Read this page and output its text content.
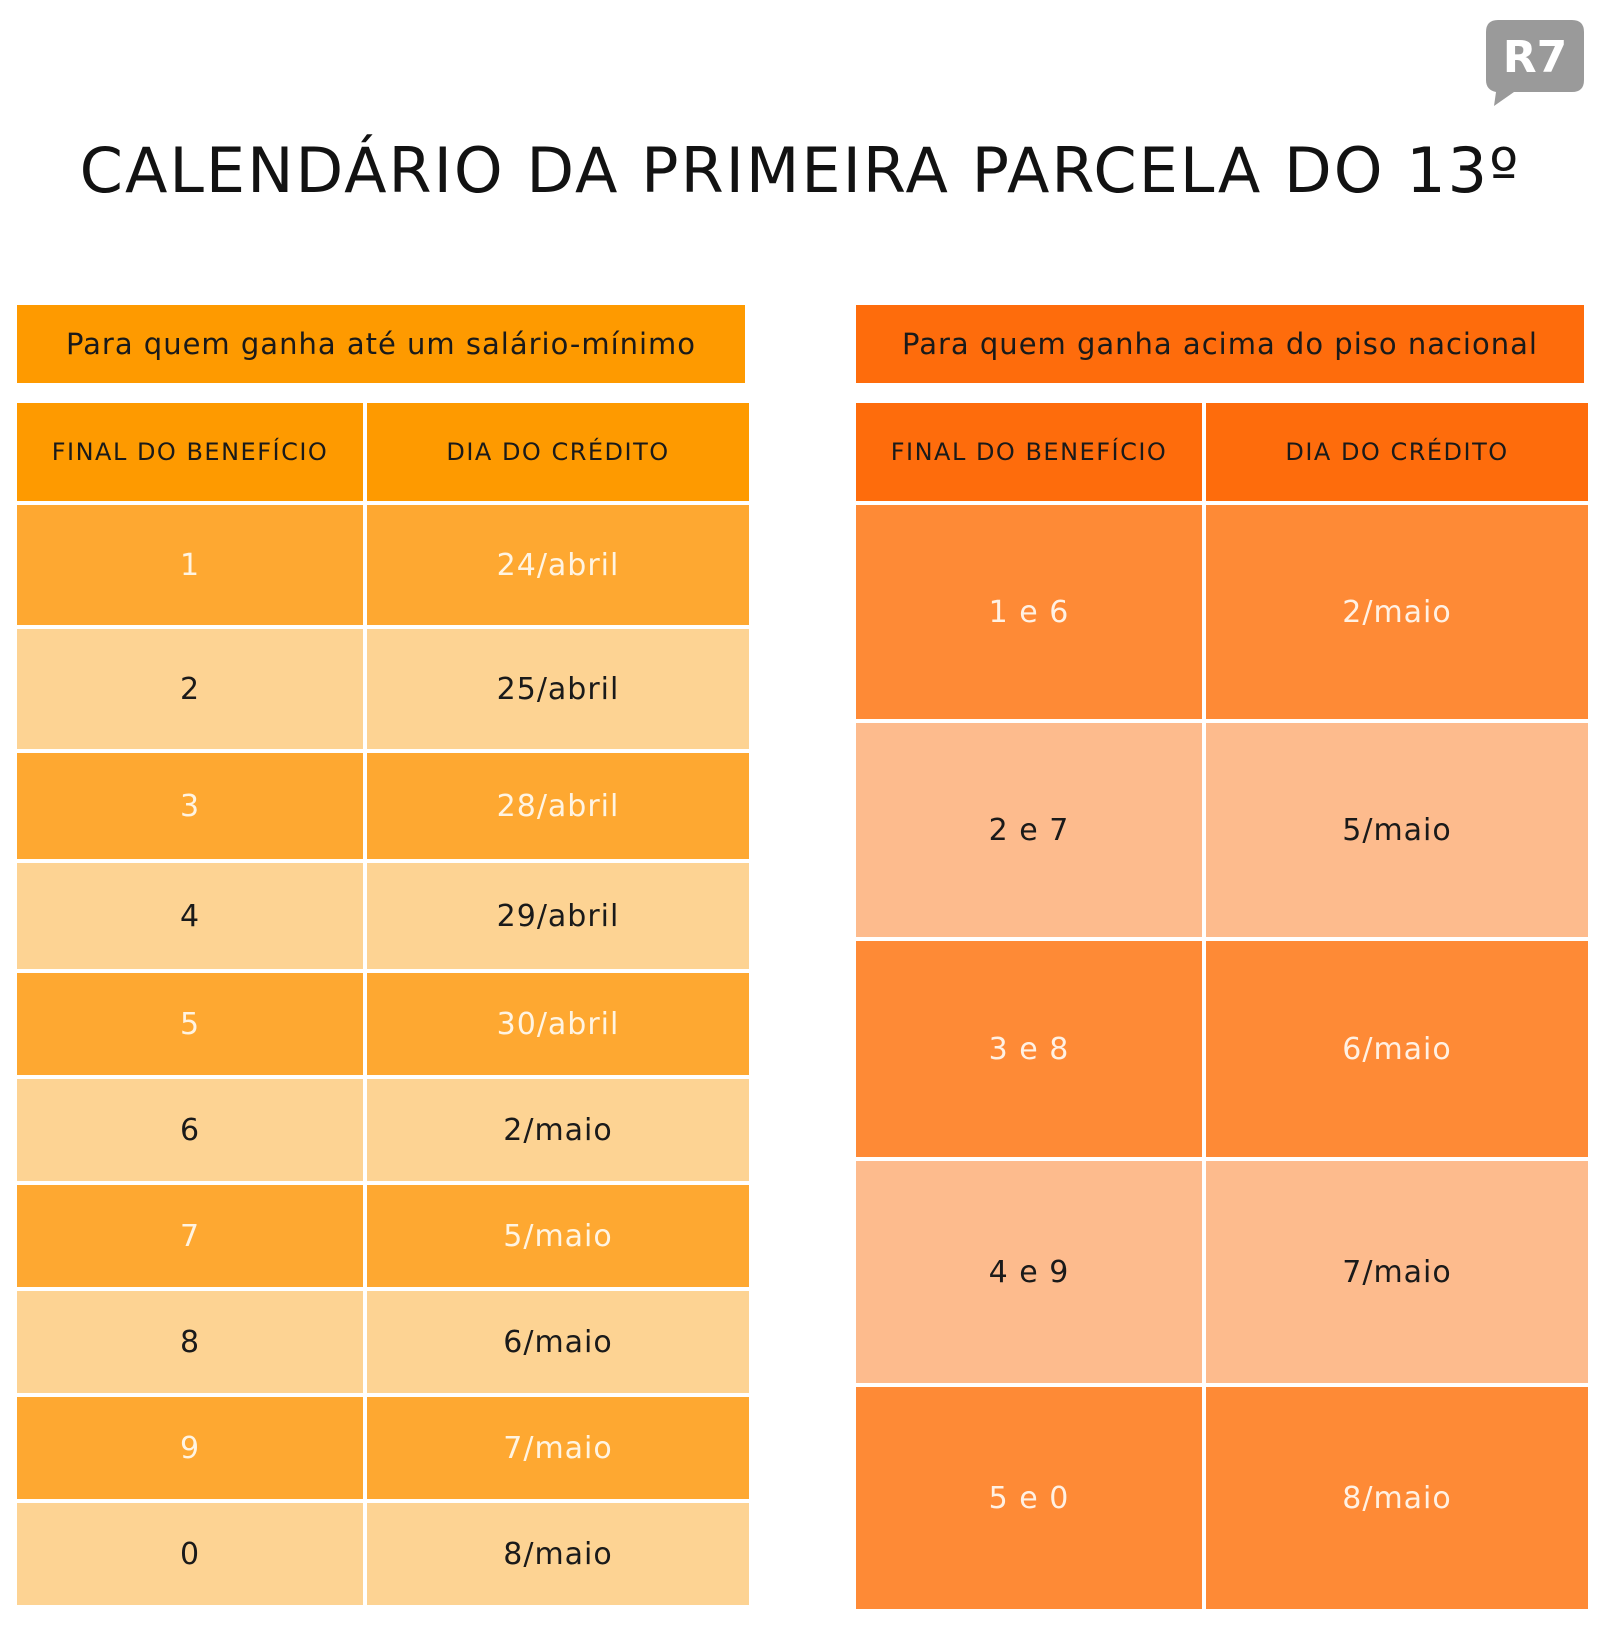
R7
CALENDÁRIO DA PRIMEIRA PARCELA DO 13º
Para quem ganha até um salário-mínimo
FINAL DO BENEFÍCIO	DIA DO CRÉDITO
1	24/abril
2	25/abril
3	28/abril
4	29/abril
5	30/abril
6	2/maio
7	5/maio
8	6/maio
9	7/maio
0	8/maio
Para quem ganha acima do piso nacional
FINAL DO BENEFÍCIO	DIA DO CRÉDITO
1 e 6	2/maio
2 e 7	5/maio
3 e 8	6/maio
4 e 9	7/maio
5 e 0	8/maio
